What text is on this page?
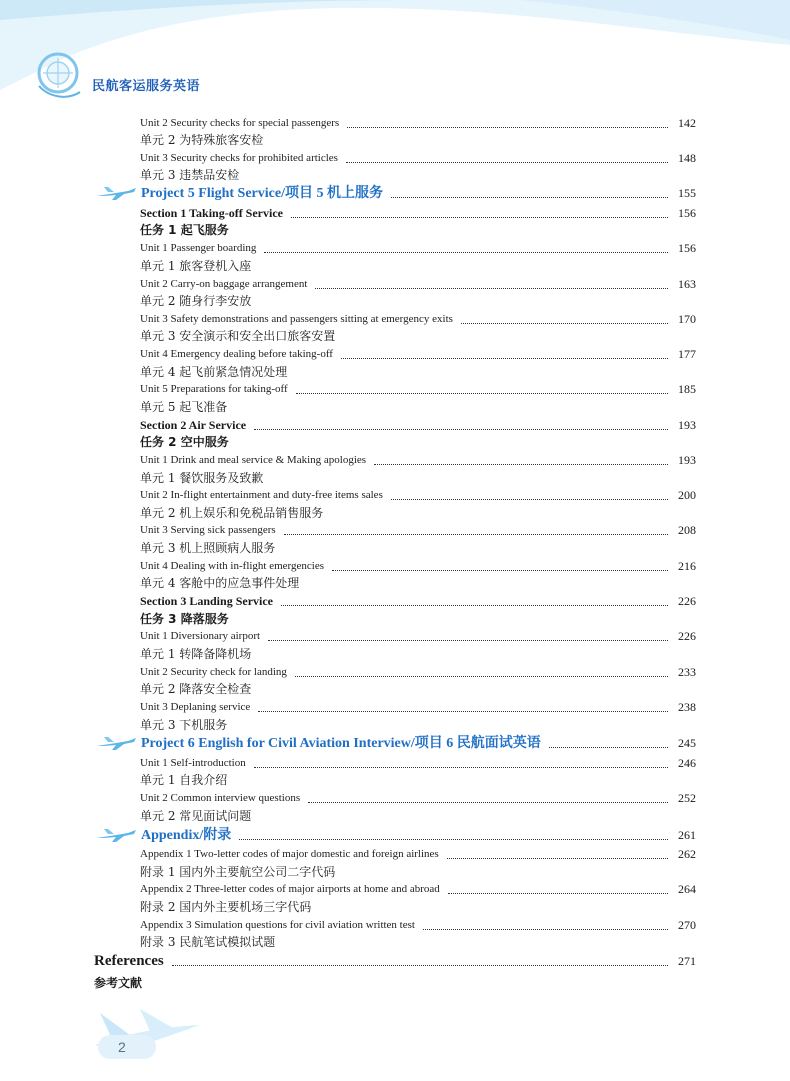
民航客运服务英语
Unit 2 Security checks for special passengers	142
单元 2 为特殊旅客安检
Unit 3 Security checks for prohibited articles	148
单元 3 违禁品安检
Project 5 Flight Service/项目 5 机上服务	155
Section 1 Taking-off Service	156
任务 1 起飞服务
Unit 1 Passenger boarding	156
单元 1 旅客登机入座
Unit 2 Carry-on baggage arrangement	163
单元 2 随身行李安放
Unit 3 Safety demonstrations and passengers sitting at emergency exits	170
单元 3 安全演示和安全出口旅客安置
Unit 4 Emergency dealing before taking-off	177
单元 4 起飞前紧急情况处理
Unit 5 Preparations for taking-off	185
单元 5 起飞准备
Section 2 Air Service	193
任务 2 空中服务
Unit 1 Drink and meal service & Making apologies	193
单元 1 餐饮服务及致歉
Unit 2 In-flight entertainment and duty-free items sales	200
单元 2 机上娱乐和免税品销售服务
Unit 3 Serving sick passengers	208
单元 3 机上照顾病人服务
Unit 4 Dealing with in-flight emergencies	216
单元 4 客舱中的应急事件处理
Section 3 Landing Service	226
任务 3 降落服务
Unit 1 Diversionary airport	226
单元 1 转降备降机场
Unit 2 Security check for landing	233
单元 2 降落安全检查
Unit 3 Deplaning service	238
单元 3 下机服务
Project 6 English for Civil Aviation Interview/项目 6 民航面试英语	245
Unit 1 Self-introduction	246
单元 1 自我介绍
Unit 2 Common interview questions	252
单元 2 常见面试问题
Appendix/附录	261
Appendix 1 Two-letter codes of major domestic and foreign airlines	262
附录 1 国内外主要航空公司二字代码
Appendix 2 Three-letter codes of major airports at home and abroad	264
附录 2 国内外主要机场三字代码
Appendix 3 Simulation questions for civil aviation written test	270
附录 3 民航笔试模拟试题
References	271
参考文献
2
